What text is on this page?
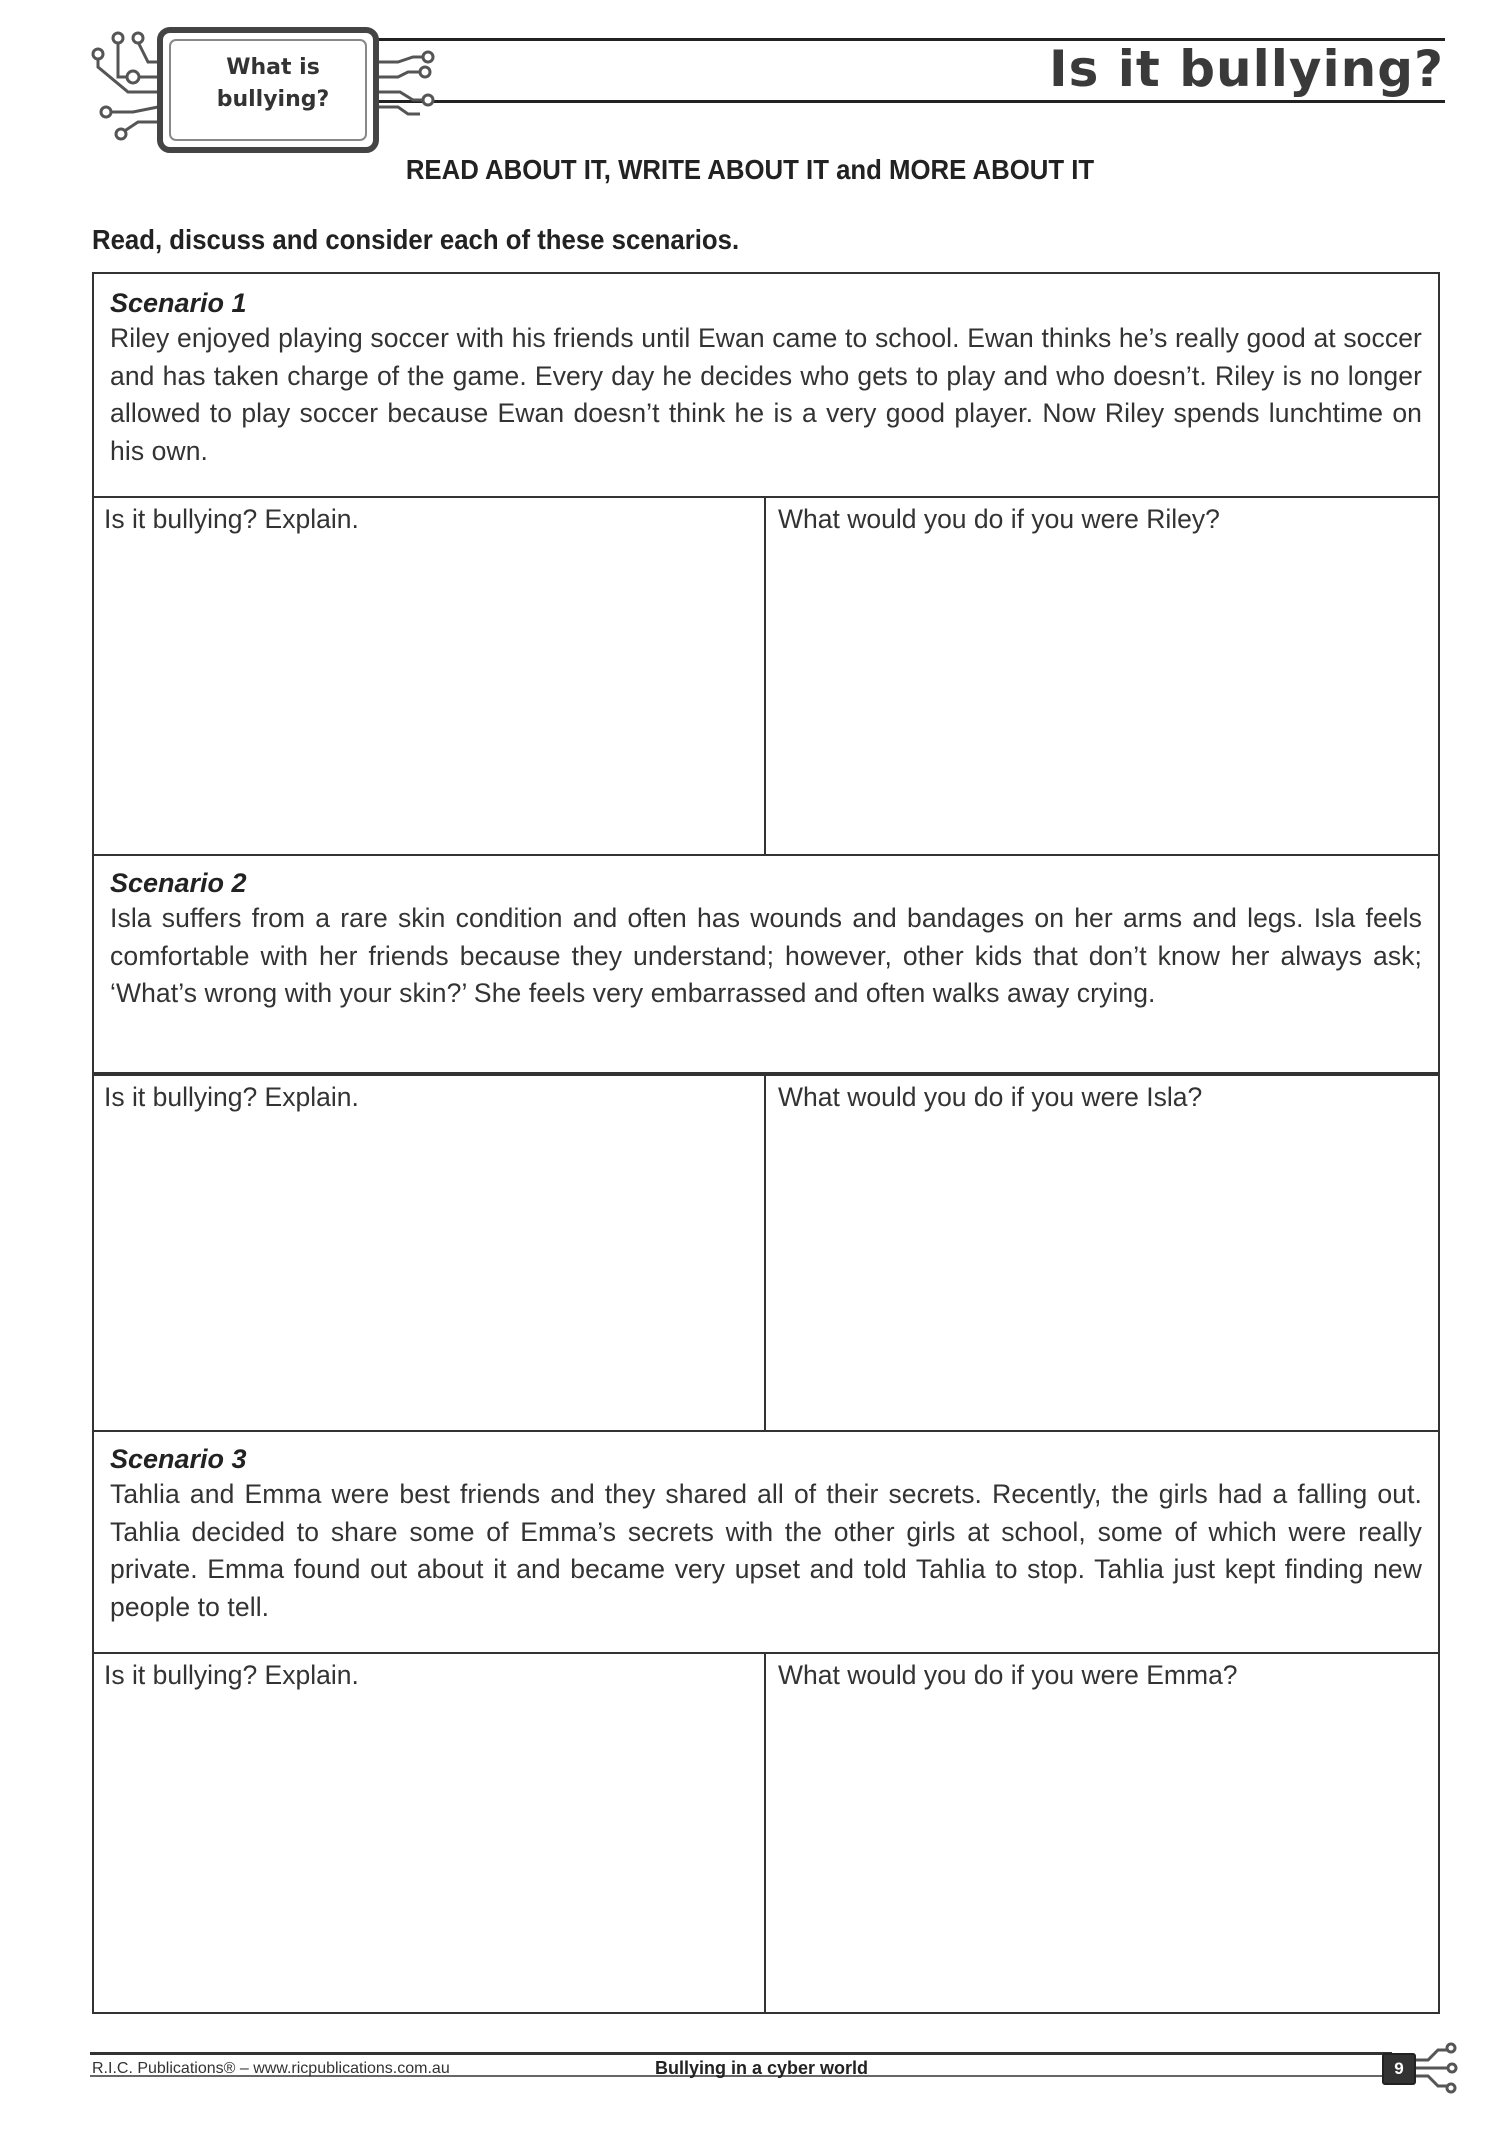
What is bullying?
Is it bullying?
READ ABOUT IT, WRITE ABOUT IT and MORE ABOUT IT
Read, discuss and consider each of these scenarios.
Scenario 1
Riley enjoyed playing soccer with his friends until Ewan came to school. Ewan thinks he’s really good at soccer and has taken charge of the game. Every day he decides who gets to play and who doesn’t. Riley is no longer allowed to play soccer because Ewan doesn’t think he is a very good player. Now Riley spends lunchtime on his own.
Is it bullying? Explain.	What would you do if you were Riley?
Scenario 2
Isla suffers from a rare skin condition and often has wounds and bandages on her arms and legs. Isla feels comfortable with her friends because they understand; however, other kids that don’t know her always ask; ‘What’s wrong with your skin?’ She feels very embarrassed and often walks away crying.
Is it bullying? Explain.	What would you do if you were Isla?
Scenario 3
Tahlia and Emma were best friends and they shared all of their secrets. Recently, the girls had a falling out. Tahlia decided to share some of Emma’s secrets with the other girls at school, some of which were really private. Emma found out about it and became very upset and told Tahlia to stop. Tahlia just kept finding new people to tell.
Is it bullying? Explain.	What would you do if you were Emma?
R.I.C. Publications® – www.ricpublications.com.au	Bullying in a cyber world	9
